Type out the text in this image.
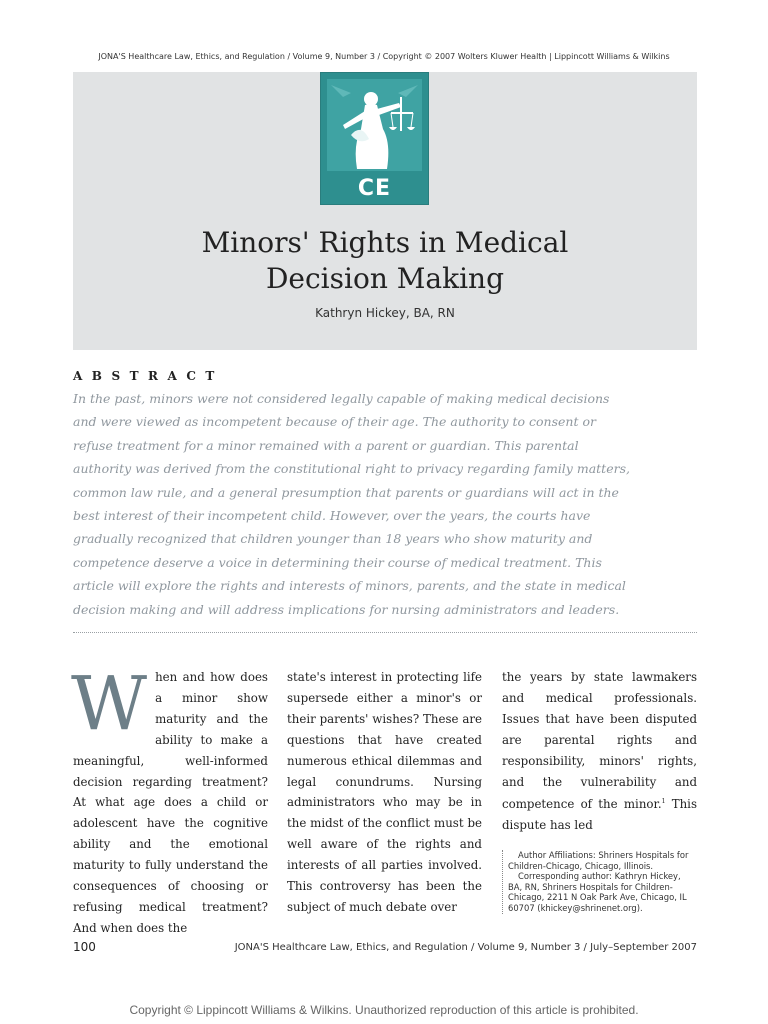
JONA'S Healthcare Law, Ethics, and Regulation / Volume 9, Number 3 / Copyright © 2007 Wolters Kluwer Health | Lippincott Williams & Wilkins
CE
Minors' Rights in Medical
Decision Making
Kathryn Hickey, BA, RN
ABSTRACT
In the past, minors were not considered legally capable of making medical decisions and were viewed as incompetent because of their age. The authority to consent or refuse treatment for a minor remained with a parent or guardian. This parental authority was derived from the constitutional right to privacy regarding family matters, common law rule, and a general presumption that parents or guardians will act in the best interest of their incompetent child. However, over the years, the courts have gradually recognized that children younger than 18 years who show maturity and competence deserve a voice in determining their course of medical treatment. This article will explore the rights and interests of minors, parents, and the state in medical decision making and will address implications for nursing administrators and leaders.
W hen and how does a minor show maturity and the ability to make a meaningful, well-informed decision regarding treatment? At what age does a child or adolescent have the cognitive ability and the emotional maturity to fully understand the consequences of choosing or refusing medical treatment? And when does the
state's interest in protecting life supersede either a minor's or their parents' wishes? These are questions that have created numerous ethical dilemmas and legal conundrums. Nursing administrators who may be in the midst of the conflict must be well aware of the rights and interests of all parties involved. This controversy has been the subject of much debate over
the years by state lawmakers and medical professionals. Issues that have been disputed are parental rights and responsibility, minors' rights, and the vulnerability and competence of the minor.$^1$ This dispute has led

Author Affiliations: Shriners Hospitals for Children-Chicago, Chicago, Illinois.

Corresponding author: Kathryn Hickey, BA, RN, Shriners Hospitals for Children-Chicago, 2211 N Oak Park Ave, Chicago, IL 60707 (khickey@shrinenet.org).

100	JONA'S Healthcare Law, Ethics, and Regulation / Volume 9, Number 3 / July–September 2007
Copyright © Lippincott Williams & Wilkins. Unauthorized reproduction of this article is prohibited.
